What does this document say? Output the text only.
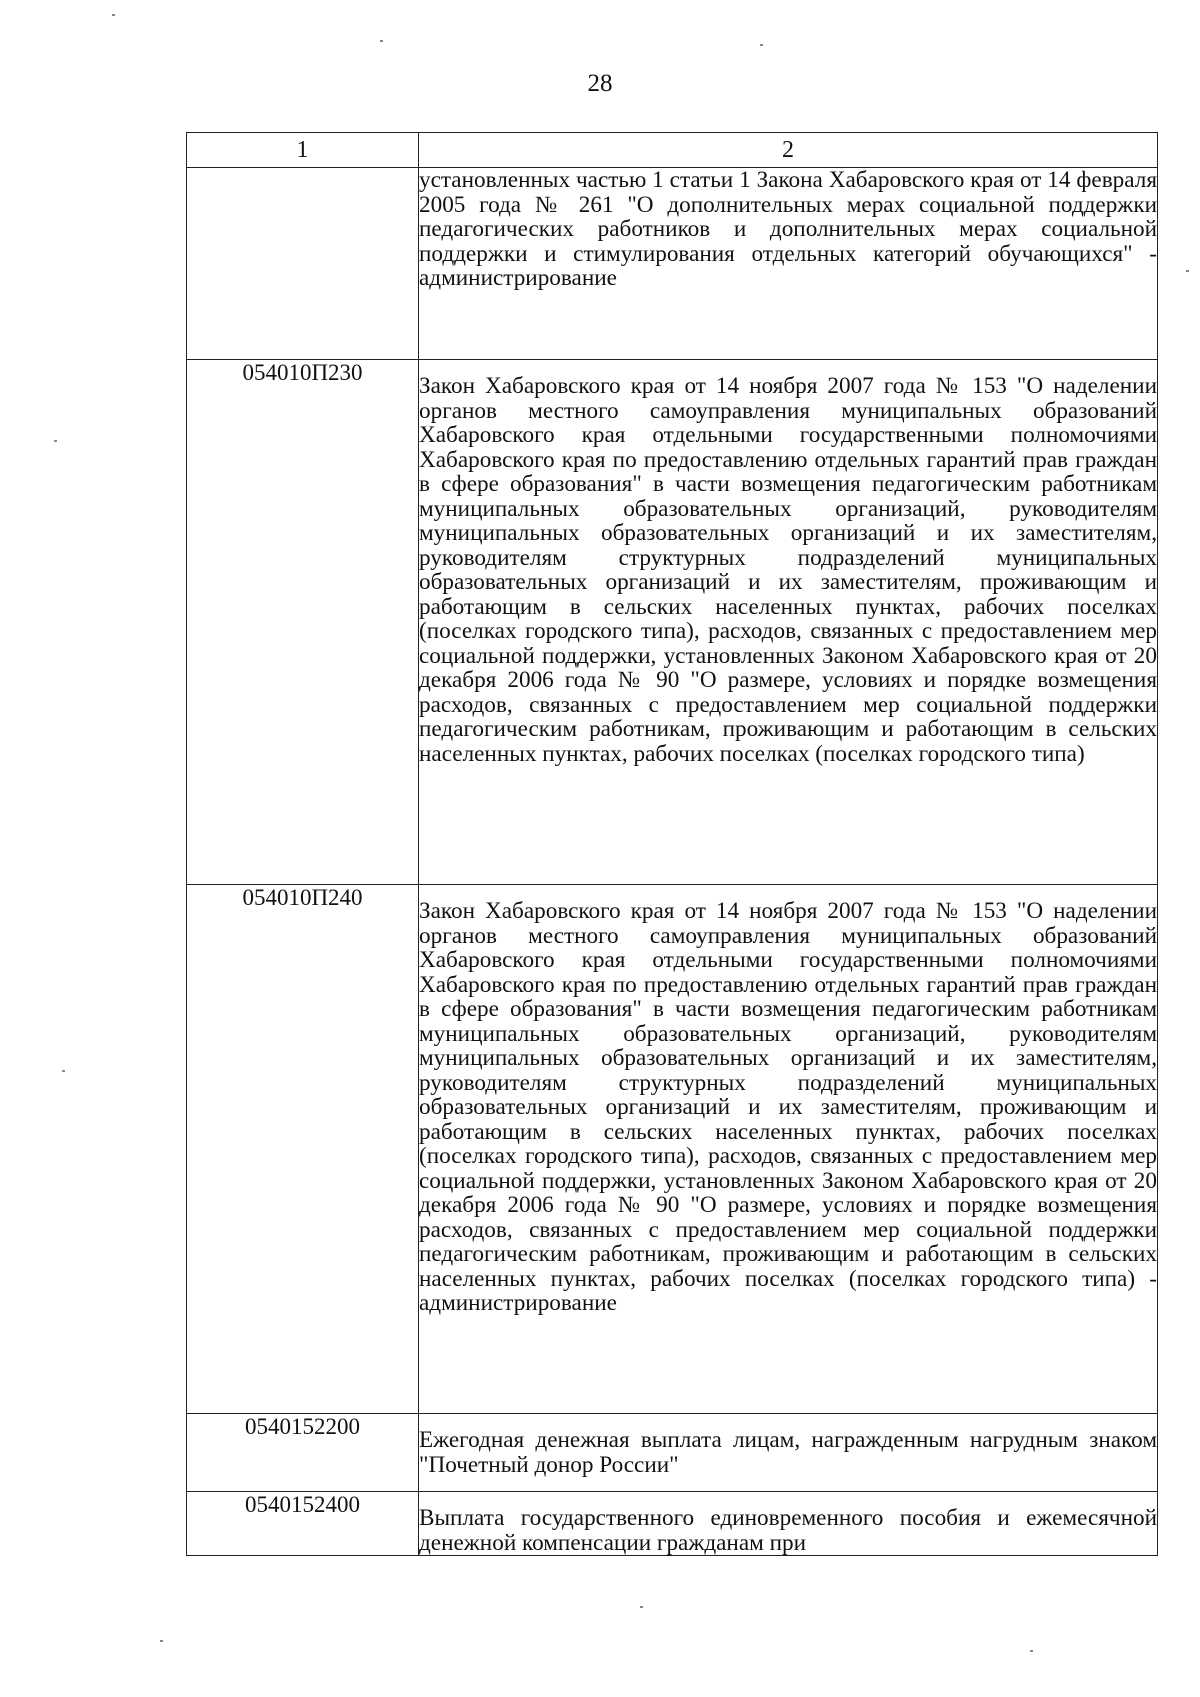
28
1	2
	установленных частью 1 статьи 1 Закона Хабаровского края от 14 февраля 2005 года № 261 "О дополнительных мерах социальной поддержки педагогических работников и дополнительных мерах социальной поддержки и стимулирования отдельных категорий обучающихся" - администрирование
054010П230	Закон Хабаровского края от 14 ноября 2007 года № 153 "О наделении органов местного самоуправления муниципальных образований Хабаровского края отдельными государственными полномочиями Хабаровского края по предоставлению отдельных гарантий прав граждан в сфере образования" в части возмещения педагогическим работникам муниципальных образовательных организаций, руководителям муниципальных образовательных организаций и их заместителям, руководителям структурных подразделений муниципальных образовательных организаций и их заместителям, проживающим и работающим в сельских населенных пунктах, рабочих поселках (поселках городского типа), расходов, связанных с предоставлением мер социальной поддержки, установленных Законом Хабаровского края от 20 декабря 2006 года № 90 "О размере, условиях и порядке возмещения расходов, связанных с предоставлением мер социальной поддержки педагогическим работникам, проживающим и работающим в сельских населенных пунктах, рабочих поселках (поселках городского типа)
054010П240	Закон Хабаровского края от 14 ноября 2007 года № 153 "О наделении органов местного самоуправления муниципальных образований Хабаровского края отдельными государственными полномочиями Хабаровского края по предоставлению отдельных гарантий прав граждан в сфере образования" в части возмещения педагогическим работникам муниципальных образовательных организаций, руководителям муниципальных образовательных организаций и их заместителям, руководителям структурных подразделений муниципальных образовательных организаций и их заместителям, проживающим и работающим в сельских населенных пунктах, рабочих поселках (поселках городского типа), расходов, связанных с предоставлением мер социальной поддержки, установленных Законом Хабаровского края от 20 декабря 2006 года № 90 "О размере, условиях и порядке возмещения расходов, связанных с предоставлением мер социальной поддержки педагогическим работникам, проживающим и работающим в сельских населенных пунктах, рабочих поселках (поселках городского типа) - администрирование
0540152200	Ежегодная денежная выплата лицам, награжденным нагрудным знаком "Почетный донор России"
0540152400	Выплата государственного единовременного пособия и ежемесячной денежной компенсации гражданам при
